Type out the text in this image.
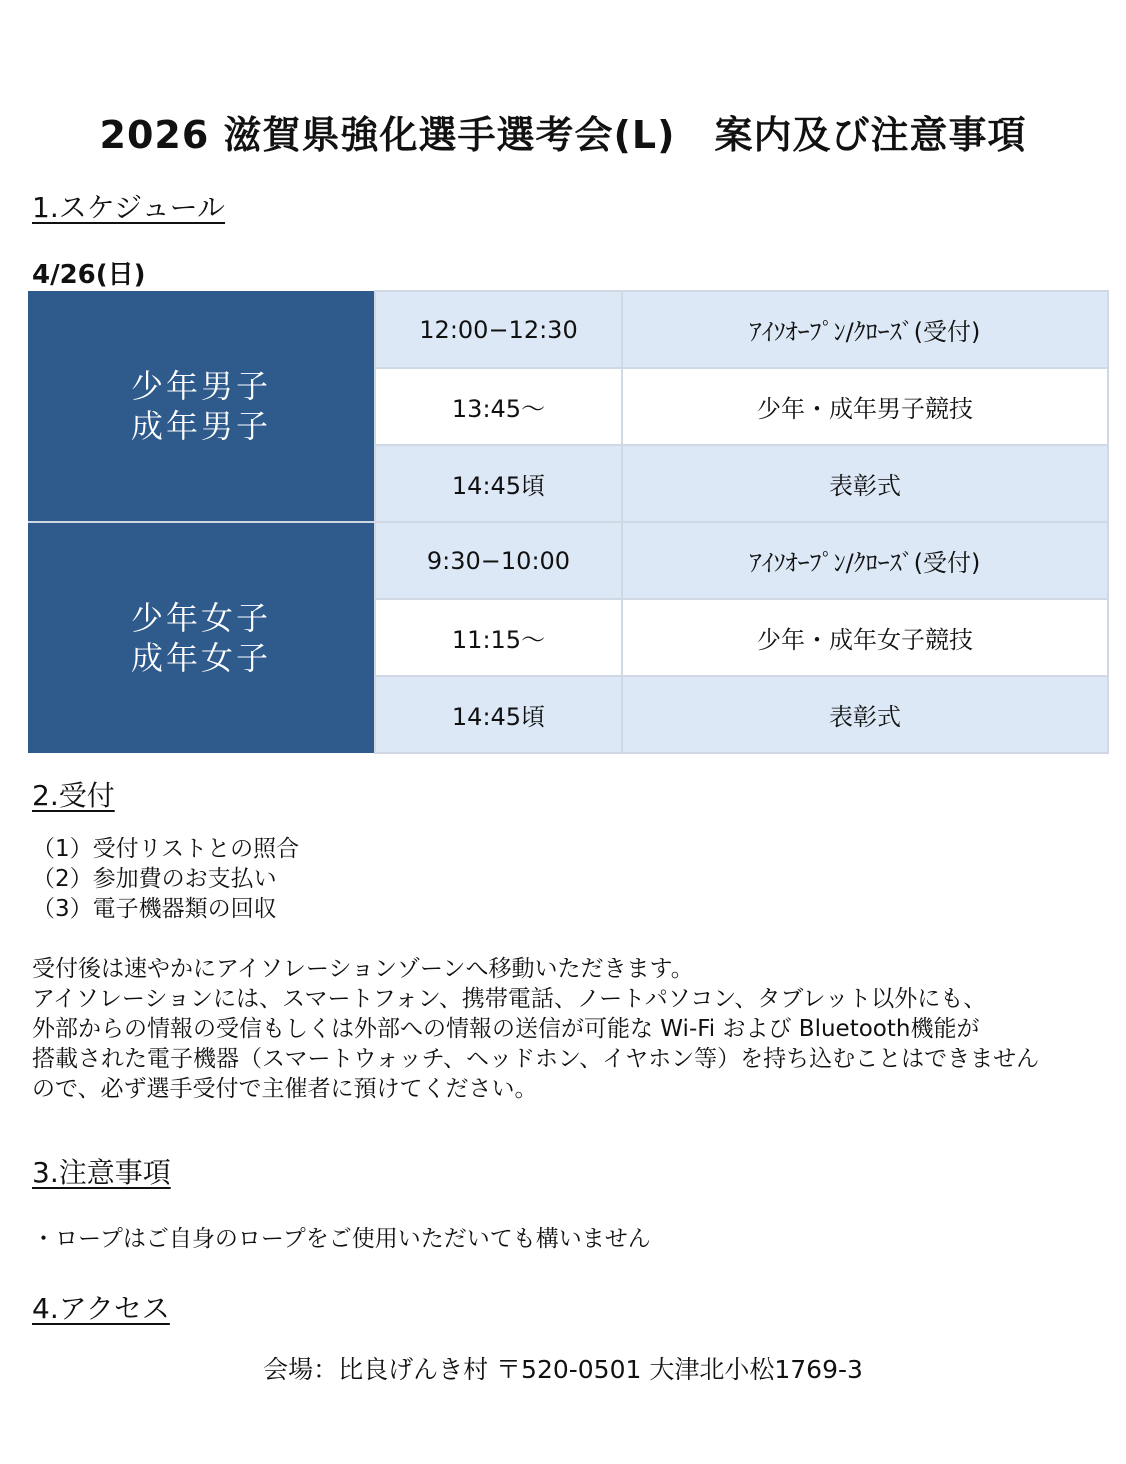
2026 滋賀県強化選手選考会(L)　案内及び注意事項
1.スケジュール
4/26(日)
少年男子
成年男子	12:00−12:30	ｱｲｿｵｰﾌﾟﾝ/ｸﾛｰｽﾞ(受付)
	13:45〜	少年・成年男子競技
	14:45頃	表彰式

少年女子
成年女子	9:30−10:00	ｱｲｿｵｰﾌﾟﾝ/ｸﾛｰｽﾞ(受付)
	11:15〜	少年・成年女子競技
	14:45頃	表彰式
2.受付
（1）受付リストとの照合
（2）参加費のお支払い
（3）電子機器類の回収
受付後は速やかにアイソレーションゾーンへ移動いただきます。
アイソレーションには、スマートフォン、携帯電話、ノートパソコン、タブレット以外にも、
外部からの情報の受信もしくは外部への情報の送信が可能な Wi-Fi および Bluetooth機能が
搭載された電子機器（スマートウォッチ、ヘッドホン、イヤホン等）を持ち込むことはできません
ので、必ず選手受付で主催者に預けてください。
3.注意事項
・ロープはご自身のロープをご使用いただいても構いません
4.アクセス
会場：比良げんき村 〒520-0501 大津北小松1769-3
